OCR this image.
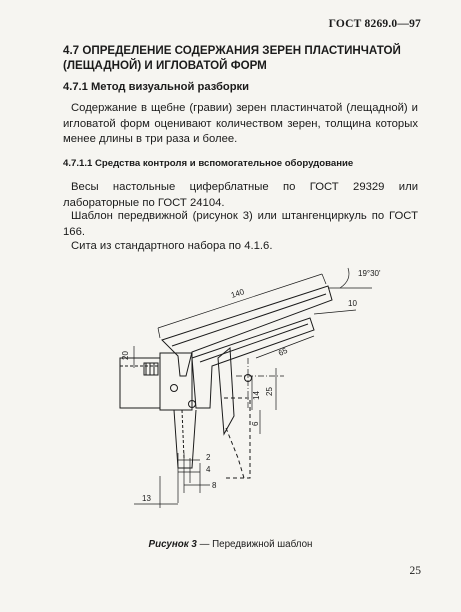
ГОСТ 8269.0—97
4.7 ОПРЕДЕЛЕНИЕ СОДЕРЖАНИЯ ЗЕРЕН ПЛАСТИНЧАТОЙ (ЛЕЩАДНОЙ) И ИГЛОВАТОЙ ФОРМ
4.7.1 Метод визуальной разборки
Содержание в щебне (гравии) зерен пластинчатой (лещадной) и игловатой форм оценивают количеством зерен, толщина которых менее длины в три раза и более.
4.7.1.1 Средства контроля и вспомогательное оборудование
Весы настольные циферблатные по ГОСТ 29329 или лабораторные по ГОСТ 24104.
Шаблон передвижной (рисунок 3) или штангенциркуль по ГОСТ 166.
Сита из стандартного набора по 4.1.6.
19°30'
140
10
65
20
25
14
6
2
4
8
13
Рисунок 3 — Передвижной шаблон
25
